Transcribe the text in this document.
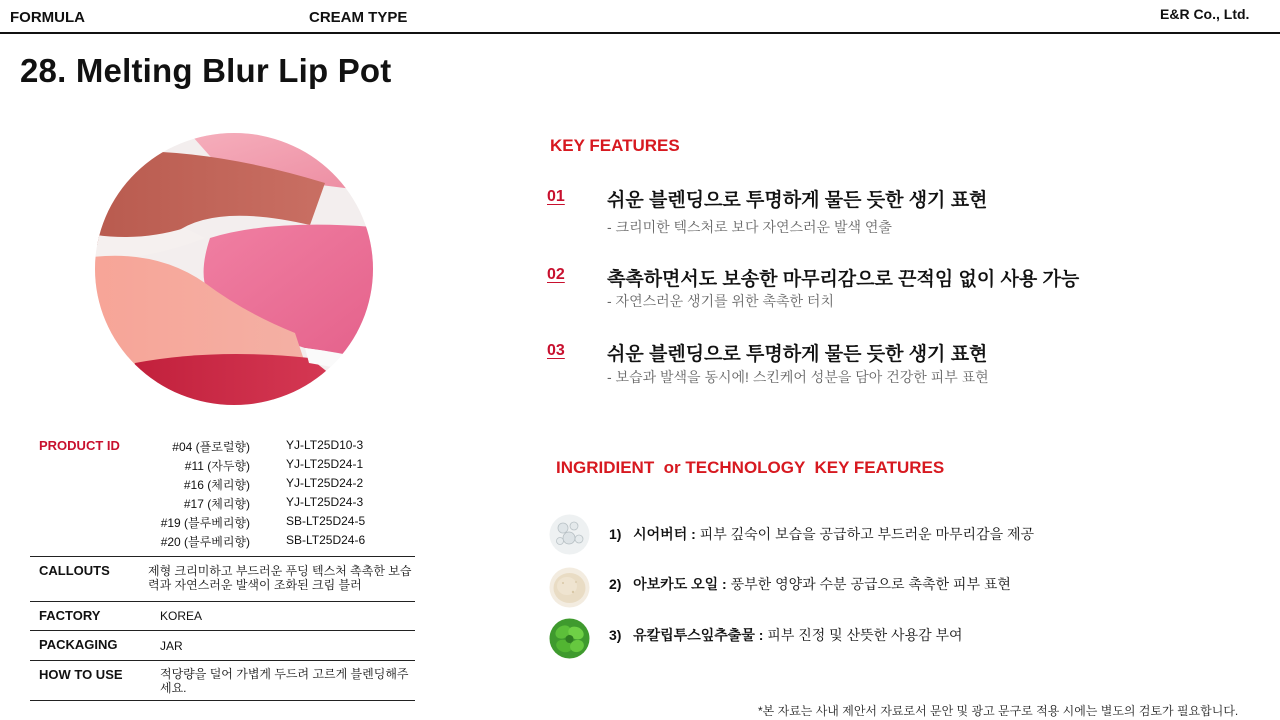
FORMULA	CREAM TYPE	E&R Co., Ltd.
28. Melting Blur Lip Pot
PRODUCT ID	#04 (플로럴향)	YJ-LT25D10-3
#11 (자두향)	YJ-LT25D24-1
#16 (체리향)	YJ-LT25D24-2
#17 (체리향)	YJ-LT25D24-3
#19 (블루베리향)	SB-LT25D24-5
#20 (블루베리향)	SB-LT25D24-6
CALLOUTS	제형 크리미하고 부드러운 푸딩 텍스처 촉촉한 보습력과 자연스러운 발색이 조화된 크림 블러
FACTORY	KOREA
PACKAGING	JAR
HOW TO USE	적당량을 덜어 가볍게 두드려 고르게 블렌딩해주세요.
KEY FEATURES
01 쉬운 블렌딩으로 투명하게 물든 듯한 생기 표현
- 크리미한 텍스처로 보다 자연스러운 발색 연출
02 촉촉하면서도 보송한 마무리감으로 끈적임 없이 사용 가능
- 자연스러운 생기를 위한 촉촉한 터치
03 쉬운 블렌딩으로 투명하게 물든 듯한 생기 표현
- 보습과 발색을 동시에! 스킨케어 성분을 담아 건강한 피부 표현
INGRIDIENT  or TECHNOLOGY  KEY FEATURES
1) 시어버터 : 피부 깊숙이 보습을 공급하고 부드러운 마무리감을 제공
2) 아보카도 오일 : 풍부한 영양과 수분 공급으로 촉촉한 피부 표현
3) 유칼립투스잎추출물 : 피부 진정 및 산뜻한 사용감 부여
*본 자료는 사내 제안서 자료로서 문안 및 광고 문구로 적용 시에는 별도의 검토가 필요합니다.
